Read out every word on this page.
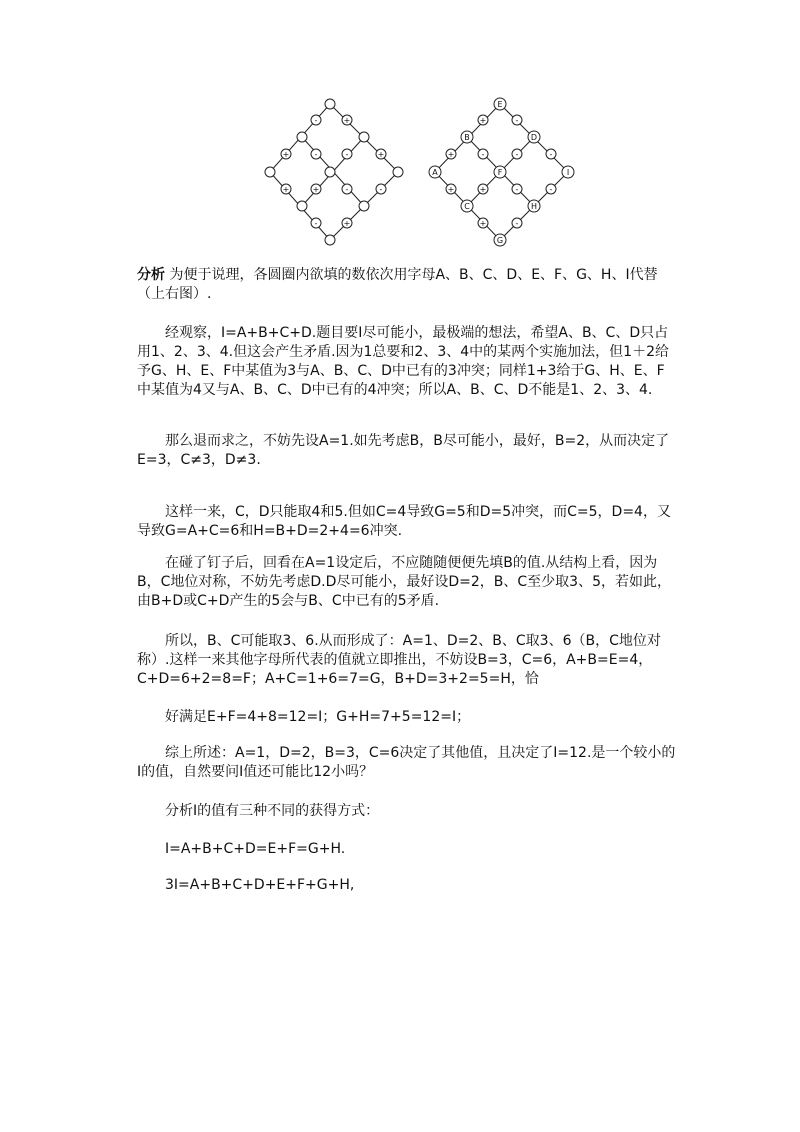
+
-
+	-	-	+
+	+	-	-
-	+
E
B	D
A	I
F
C	H
G
+	-
+	-	-	-
+	+	-	-
+	-
分析 为便于说理，各圆圈内欲填的数依次用字母A、B、C、D、E、F、G、H、I代替（上右图）.
经观察，I=A+B+C+D.题目要I尽可能小，最极端的想法，希望A、B、C、D只占用1、2、3、4.但这会产生矛盾.因为1总要和2、3、4中的某两个实施加法，但1＋2给予G、H、E、F中某值为3与A、B、C、D中已有的3冲突；同样1+3给于G、H、E、F中某值为4又与A、B、C、D中已有的4冲突；所以A、B、C、D不能是1、2、3、4.
那么退而求之，不妨先设A=1.如先考虑B，B尽可能小，最好，B=2，从而决定了E=3，C≠3，D≠3.
这样一来，C，D只能取4和5.但如C=4导致G=5和D=5冲突，而C=5，D=4，又导致G=A+C=6和H=B+D=2+4=6冲突.
在碰了钉子后，回看在A=1设定后，不应随随便便先填B的值.从结构上看，因为B，C地位对称，不妨先考虑D.D尽可能小，最好设D=2，B、C至少取3、5，若如此，由B+D或C+D产生的5会与B、C中已有的5矛盾.
所以，B、C可能取3、6.从而形成了：A=1、D=2、B、C取3、6（B，C地位对称）.这样一来其他字母所代表的值就立即推出，不妨设B=3，C=6，A+B=E=4，C+D=6+2=8=F；A+C=1+6=7=G，B+D=3+2=5=H，恰
好满足E+F=4+8=12=I；G+H=7+5=12=I；
综上所述：A=1，D=2，B=3，C=6决定了其他值，且决定了I=12.是一个较小的I的值，自然要问I值还可能比12小吗？
分析I的值有三种不同的获得方式：
I=A+B+C+D=E+F=G+H.
3I=A+B+C+D+E+F+G+H,
